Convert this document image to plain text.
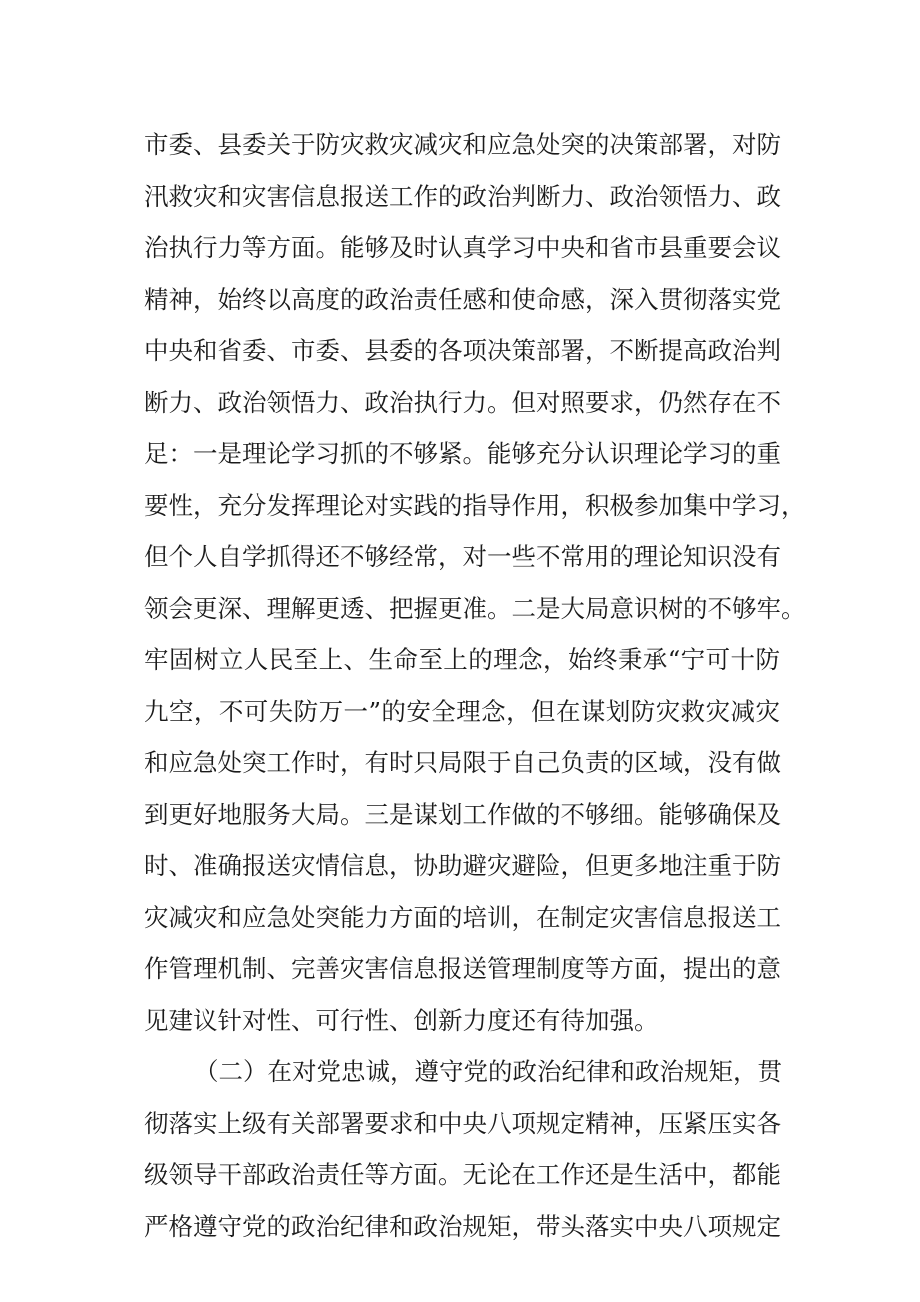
市委、县委关于防灾救灾减灾和应急处突的决策部署，对防
汛救灾和灾害信息报送工作的政治判断力、政治领悟力、政
治执行力等方面。能够及时认真学习中央和省市县重要会议
精神，始终以高度的政治责任感和使命感，深入贯彻落实党
中央和省委、市委、县委的各项决策部署，不断提高政治判
断力、政治领悟力、政治执行力。但对照要求，仍然存在不
足：一是理论学习抓的不够紧。能够充分认识理论学习的重
要性，充分发挥理论对实践的指导作用，积极参加集中学习，
但个人自学抓得还不够经常，对一些不常用的理论知识没有
领会更深、理解更透、把握更准。二是大局意识树的不够牢。
牢固树立人民至上、生命至上的理念，始终秉承“宁可十防
九空，不可失防万一”的安全理念，但在谋划防灾救灾减灾
和应急处突工作时，有时只局限于自己负责的区域，没有做
到更好地服务大局。三是谋划工作做的不够细。能够确保及
时、准确报送灾情信息，协助避灾避险，但更多地注重于防
灾减灾和应急处突能力方面的培训，在制定灾害信息报送工
作管理机制、完善灾害信息报送管理制度等方面，提出的意
见建议针对性、可行性、创新力度还有待加强。
（二）在对党忠诚，遵守党的政治纪律和政治规矩，贯
彻落实上级有关部署要求和中央八项规定精神，压紧压实各
级领导干部政治责任等方面。无论在工作还是生活中，都能
严格遵守党的政治纪律和政治规矩，带头落实中央八项规定
